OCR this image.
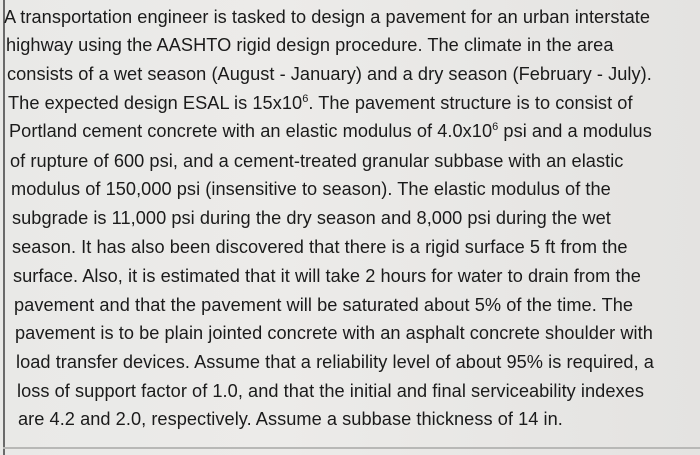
A transportation engineer is tasked to design a pavement for an urban interstate
highway using the AASHTO rigid design procedure. The climate in the area
consists of a wet season (August - January) and a dry season (February - July).
The expected design ESAL is $15x10^6$. The pavement structure is to consist of
Portland cement concrete with an elastic modulus of $4.0x10^6$ psi and a modulus
of rupture of 600 psi, and a cement-treated granular subbase with an elastic
modulus of 150,000 psi (insensitive to season). The elastic modulus of the
subgrade is 11,000 psi during the dry season and 8,000 psi during the wet
season. It has also been discovered that there is a rigid surface 5 ft from the
surface. Also, it is estimated that it will take 2 hours for water to drain from the
pavement and that the pavement will be saturated about 5% of the time. The
pavement is to be plain jointed concrete with an asphalt concrete shoulder with
load transfer devices. Assume that a reliability level of about 95% is required, a
loss of support factor of 1.0, and that the initial and final serviceability indexes
are 4.2 and 2.0, respectively. Assume a subbase thickness of 14 in.
